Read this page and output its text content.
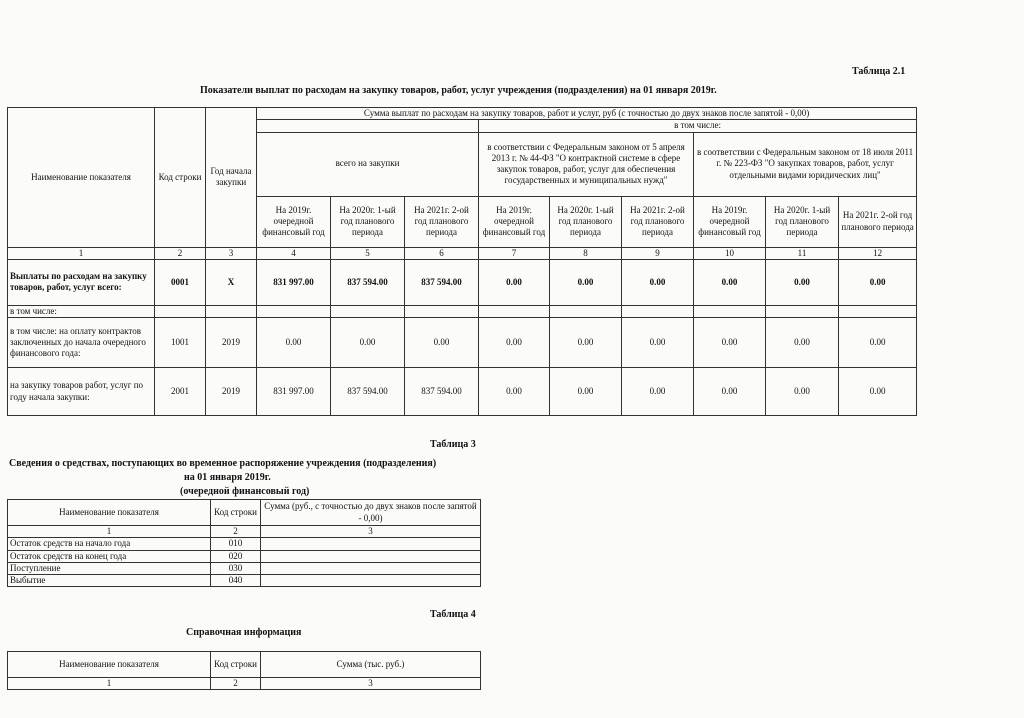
Таблица 2.1
Показатели выплат по расходам на закупку товаров, работ, услуг учреждения (подразделения) на 01 января 2019г.
Наименование показателя	Код строки	Год начала закупки	Сумма выплат по расходам на закупку товаров, работ и услуг, руб (с точностью до двух знаков после запятой - 0,00)								
						в том числе:					
			всего на закупки			в соответствии с Федеральным законом от 5 апреля 2013 г. № 44-ФЗ "О контрактной системе в сфере закупок товаров, работ, услуг для обеспечения государственных и муниципальных нужд"			в соответствии с Федеральным законом от 18 июля 2011 г. № 223-ФЗ "О закупках товаров, работ, услуг отдельными видами юридических лиц"		
			На 2019г. очередной финансовый год	На 2020г. 1-ый год планового периода	На 2021г. 2-ой год планового периода	На 2019г. очередной финансовый год	На 2020г. 1-ый год планового периода	На 2021г. 2-ой год планового периода	На 2019г. очередной финансовый год	На 2020г. 1-ый год планового периода	На 2021г. 2-ой год планового периода
1	2	3	4	5	6	7	8	9	10	11	12
Выплаты по расходам на закупку товаров, работ, услуг всего:	0001	X	831 997.00	837 594.00	837 594.00	0.00	0.00	0.00	0.00	0.00	0.00
в том числе:											
в том числе: на оплату контрактов заключенных до начала очередного финансового года:	1001	2019	0.00	0.00	0.00	0.00	0.00	0.00	0.00	0.00	0.00
на закупку товаров работ, услуг по году начала закупки:	2001	2019	831 997.00	837 594.00	837 594.00	0.00	0.00	0.00	0.00	0.00	0.00
Таблица 3
Сведения о средствах, поступающих во временное распоряжение учреждения (подразделения)
на 01 января 2019г.
(очередной финансовый год)
Наименование показателя	Код строки	Сумма (руб., с точностью до двух знаков после запятой - 0,00)
1	2	3
Остаток средств на начало года	010	
Остаток средств на конец года	020	
Поступление	030	
Выбытие	040	
Таблица 4
Справочная информация
Наименование показателя	Код строки	Сумма (тыс. руб.)
1	2	3
